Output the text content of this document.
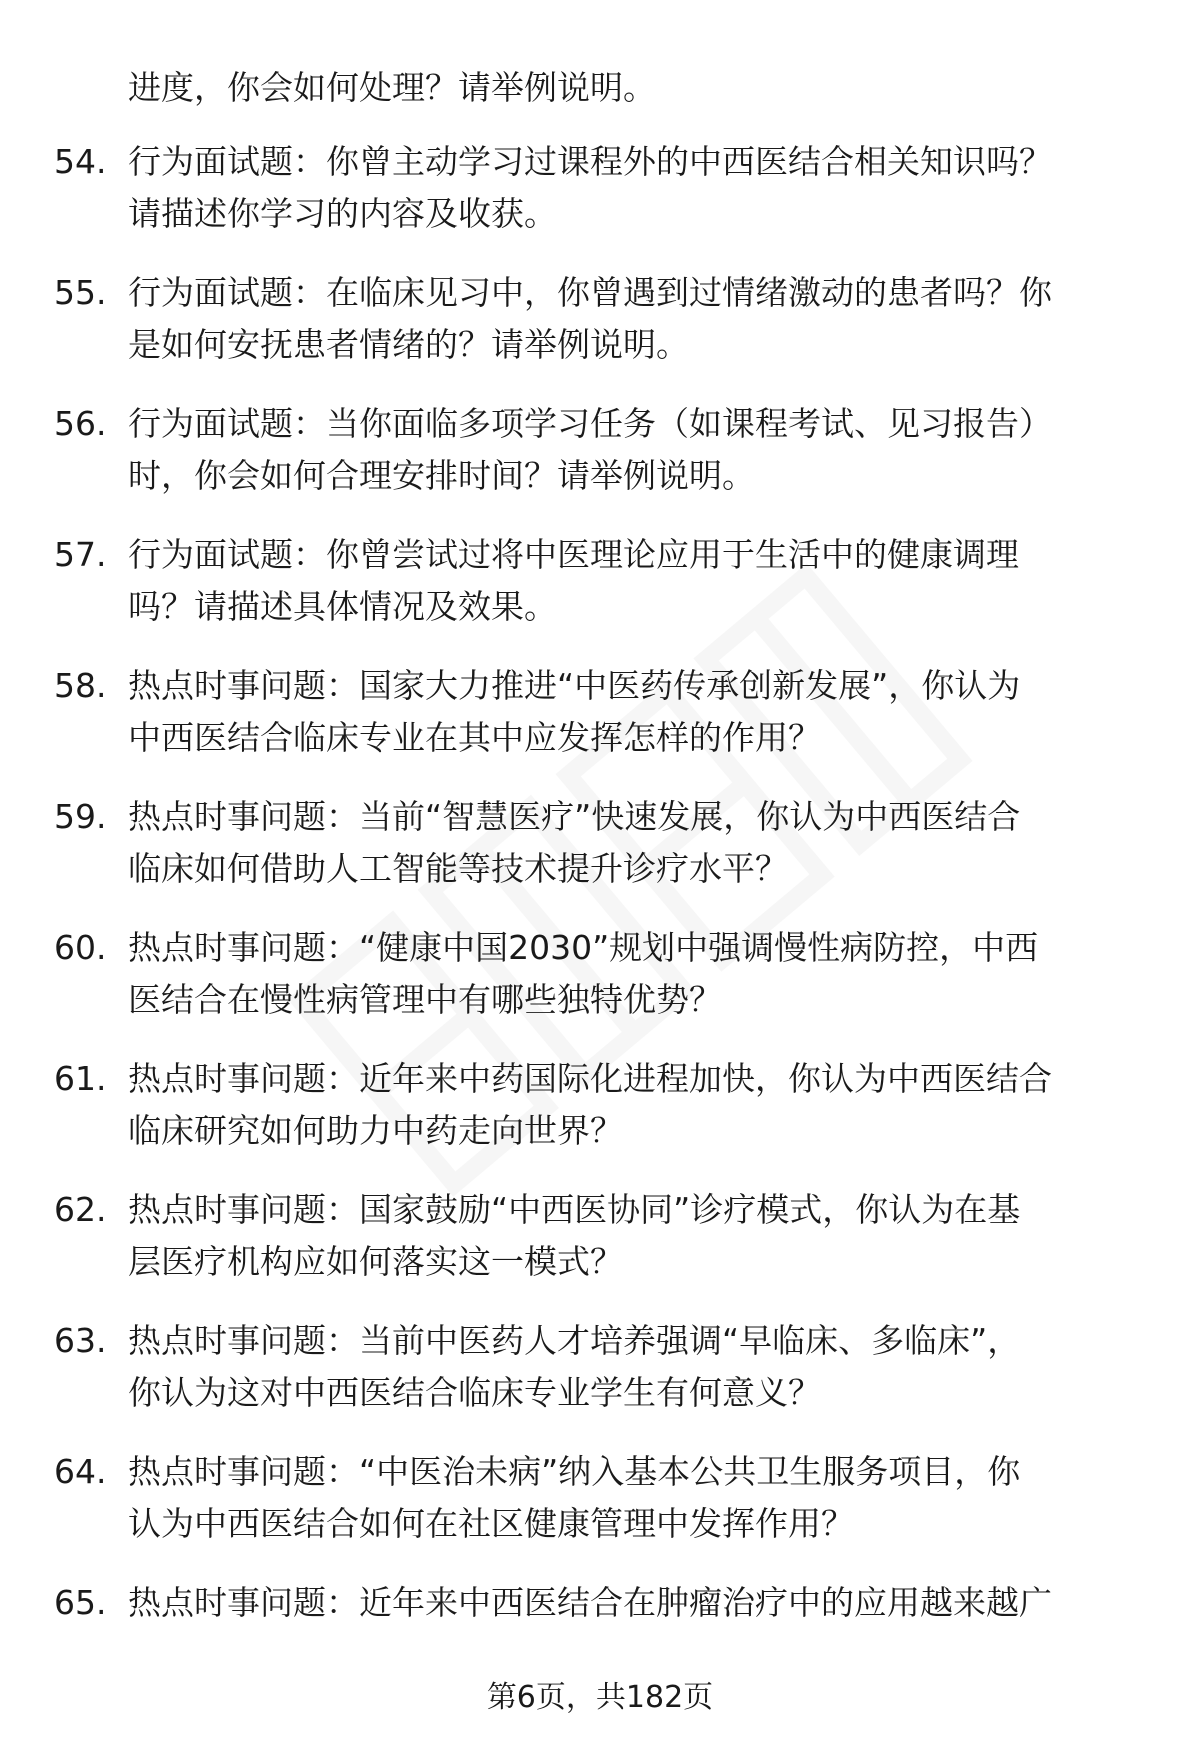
进度，你会如何处理？请举例说明。
54. 行为面试题：你曾主动学习过课程外的中西医结合相关知识吗？
请描述你学习的内容及收获。
55. 行为面试题：在临床见习中，你曾遇到过情绪激动的患者吗？你
是如何安抚患者情绪的？请举例说明。
56. 行为面试题：当你面临多项学习任务（如课程考试、见习报告）
时，你会如何合理安排时间？请举例说明。
57. 行为面试题：你曾尝试过将中医理论应用于生活中的健康调理
吗？请描述具体情况及效果。
58. 热点时事问题：国家大力推进“中医药传承创新发展”，你认为
中西医结合临床专业在其中应发挥怎样的作用？
59. 热点时事问题：当前“智慧医疗”快速发展，你认为中西医结合
临床如何借助人工智能等技术提升诊疗水平？
60. 热点时事问题：“健康中国2030”规划中强调慢性病防控，中西
医结合在慢性病管理中有哪些独特优势？
61. 热点时事问题：近年来中药国际化进程加快，你认为中西医结合
临床研究如何助力中药走向世界？
62. 热点时事问题：国家鼓励“中西医协同”诊疗模式，你认为在基
层医疗机构应如何落实这一模式？
63. 热点时事问题：当前中医药人才培养强调“早临床、多临床”，
你认为这对中西医结合临床专业学生有何意义？
64. 热点时事问题：“中医治未病”纳入基本公共卫生服务项目，你
认为中西医结合如何在社区健康管理中发挥作用？
65. 热点时事问题：近年来中西医结合在肿瘤治疗中的应用越来越广
第6页，共182页
